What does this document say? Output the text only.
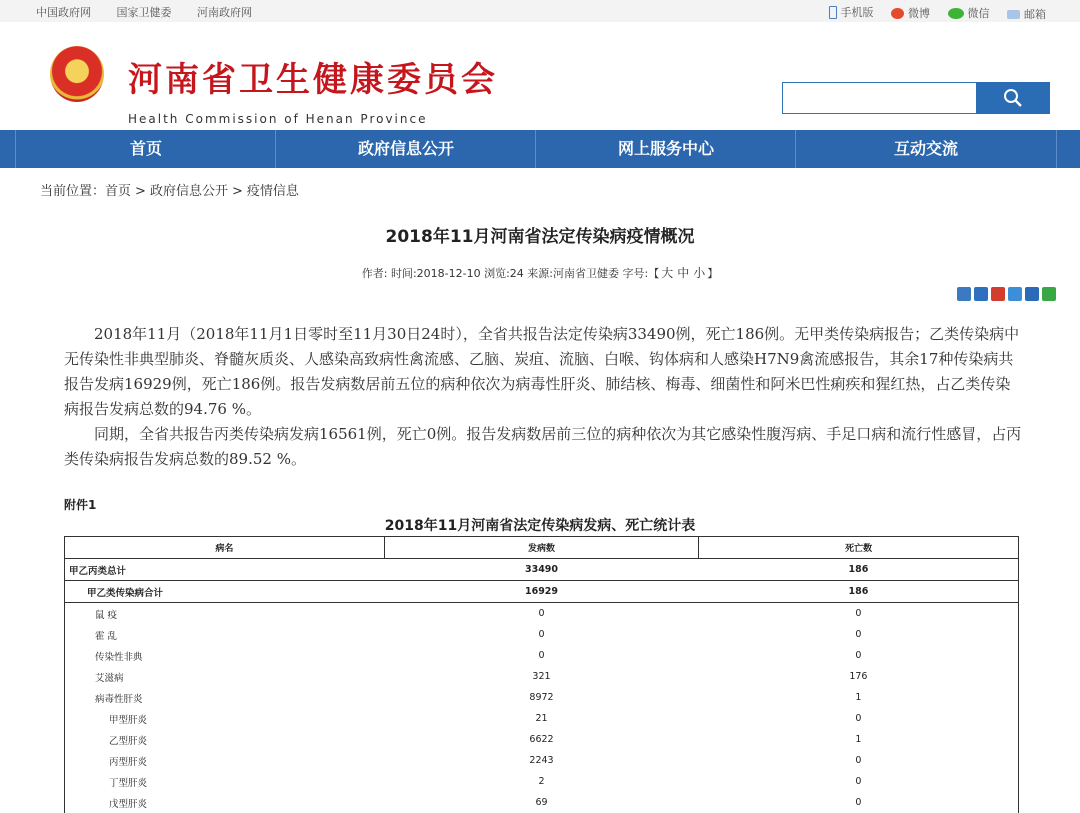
中国政府网 国家卫健委 河南政府网	手机版
	微博
	微信
	邮箱
河南省卫生健康委员会
Health Commission of Henan Province
首页	政府信息公开	网上服务中心	互动交流
当前位置：首页 > 政府信息公开 > 疫情信息
2018年11月河南省法定传染病疫情概况
作者: 时间:2018-12-10 浏览:24 来源:河南省卫健委 字号:【 大 中 小 】

2018年11月（2018年11月1日零时至11月30日24时），全省共报告法定传染病33490例，死亡186例。无甲类传染病报告；乙类传染病中无传染性非典型肺炎、脊髓灰质炎、人感染高致病性禽流感、乙脑、炭疽、流脑、白喉、钩体病和人感染H7N9禽流感报告，其余17种传染病共报告发病16929例，死亡186例。报告发病数居前五位的病种依次为病毒性肝炎、肺结核、梅毒、细菌性和阿米巴性痢疾和猩红热，占乙类传染病报告发病总数的94.76 %。

同期，全省共报告丙类传染病发病16561例，死亡0例。报告发病数居前三位的病种依次为其它感染性腹泻病、手足口病和流行性感冒，占丙类传染病报告发病总数的89.52 %。

附件1
2018年11月河南省法定传染病发病、死亡统计表
病名	发病数	死亡数
甲乙丙类总计	33490	186
甲乙类传染病合计	16929	186
鼠 疫	0	0
霍 乱	0	0
传染性非典	0	0
艾滋病	321	176
病毒性肝炎	8972	1
甲型肝炎	21	0
乙型肝炎	6622	1
丙型肝炎	2243	0
丁型肝炎	2	0
戊型肝炎	69	0
